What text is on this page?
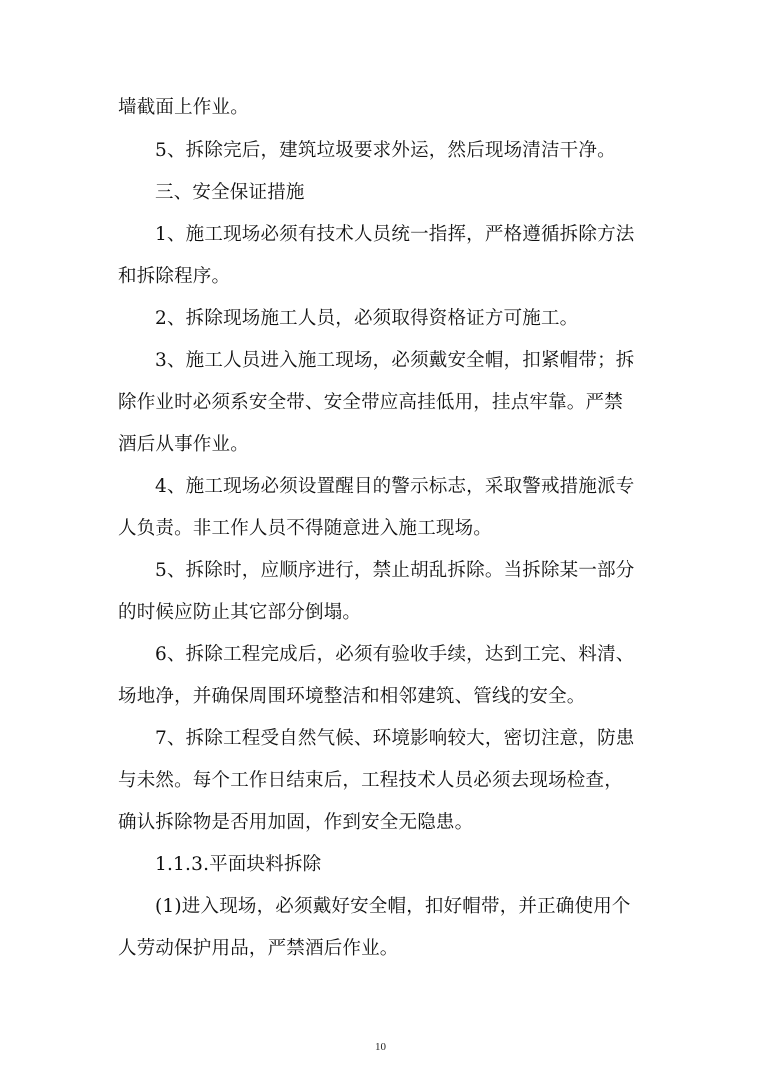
墙截面上作业。
5、拆除完后，建筑垃圾要求外运，然后现场清洁干净。
三、安全保证措施
1、施工现场必须有技术人员统一指挥，严格遵循拆除方法
和拆除程序。
2、拆除现场施工人员，必须取得资格证方可施工。
3、施工人员进入施工现场，必须戴安全帽，扣紧帽带；拆
除作业时必须系安全带、安全带应高挂低用，挂点牢靠。严禁
酒后从事作业。
4、施工现场必须设置醒目的警示标志，采取警戒措施派专
人负责。非工作人员不得随意进入施工现场。
5、拆除时，应顺序进行，禁止胡乱拆除。当拆除某一部分
的时候应防止其它部分倒塌。
6、拆除工程完成后，必须有验收手续，达到工完、料清、
场地净，并确保周围环境整洁和相邻建筑、管线的安全。
7、拆除工程受自然气候、环境影响较大，密切注意，防患
与未然。每个工作日结束后，工程技术人员必须去现场检查，
确认拆除物是否用加固，作到安全无隐患。
1.1.3.平面块料拆除
(1)进入现场，必须戴好安全帽，扣好帽带，并正确使用个
人劳动保护用品，严禁酒后作业。
10
